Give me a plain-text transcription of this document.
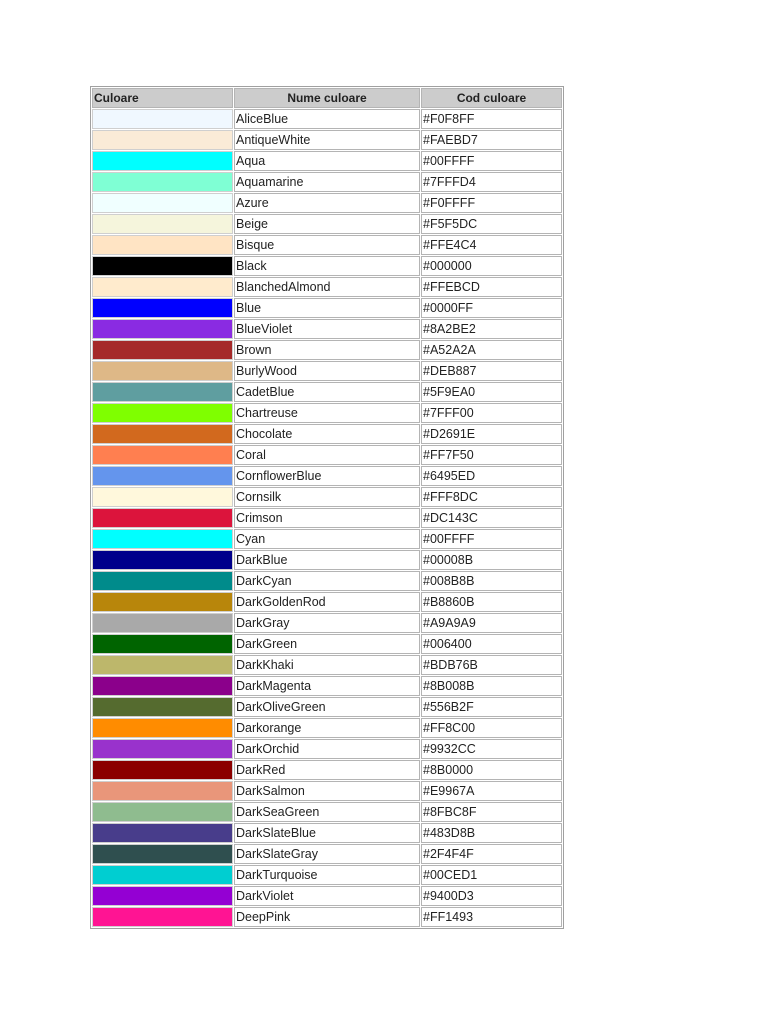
Culoare	Nume culoare	Cod culoare
	AliceBlue	#F0F8FF
	AntiqueWhite	#FAEBD7
	Aqua	#00FFFF
	Aquamarine	#7FFFD4
	Azure	#F0FFFF
	Beige	#F5F5DC
	Bisque	#FFE4C4
	Black	#000000
	BlanchedAlmond	#FFEBCD
	Blue	#0000FF
	BlueViolet	#8A2BE2
	Brown	#A52A2A
	BurlyWood	#DEB887
	CadetBlue	#5F9EA0
	Chartreuse	#7FFF00
	Chocolate	#D2691E
	Coral	#FF7F50
	CornflowerBlue	#6495ED
	Cornsilk	#FFF8DC
	Crimson	#DC143C
	Cyan	#00FFFF
	DarkBlue	#00008B
	DarkCyan	#008B8B
	DarkGoldenRod	#B8860B
	DarkGray	#A9A9A9
	DarkGreen	#006400
	DarkKhaki	#BDB76B
	DarkMagenta	#8B008B
	DarkOliveGreen	#556B2F
	Darkorange	#FF8C00
	DarkOrchid	#9932CC
	DarkRed	#8B0000
	DarkSalmon	#E9967A
	DarkSeaGreen	#8FBC8F
	DarkSlateBlue	#483D8B
	DarkSlateGray	#2F4F4F
	DarkTurquoise	#00CED1
	DarkViolet	#9400D3
	DeepPink	#FF1493
